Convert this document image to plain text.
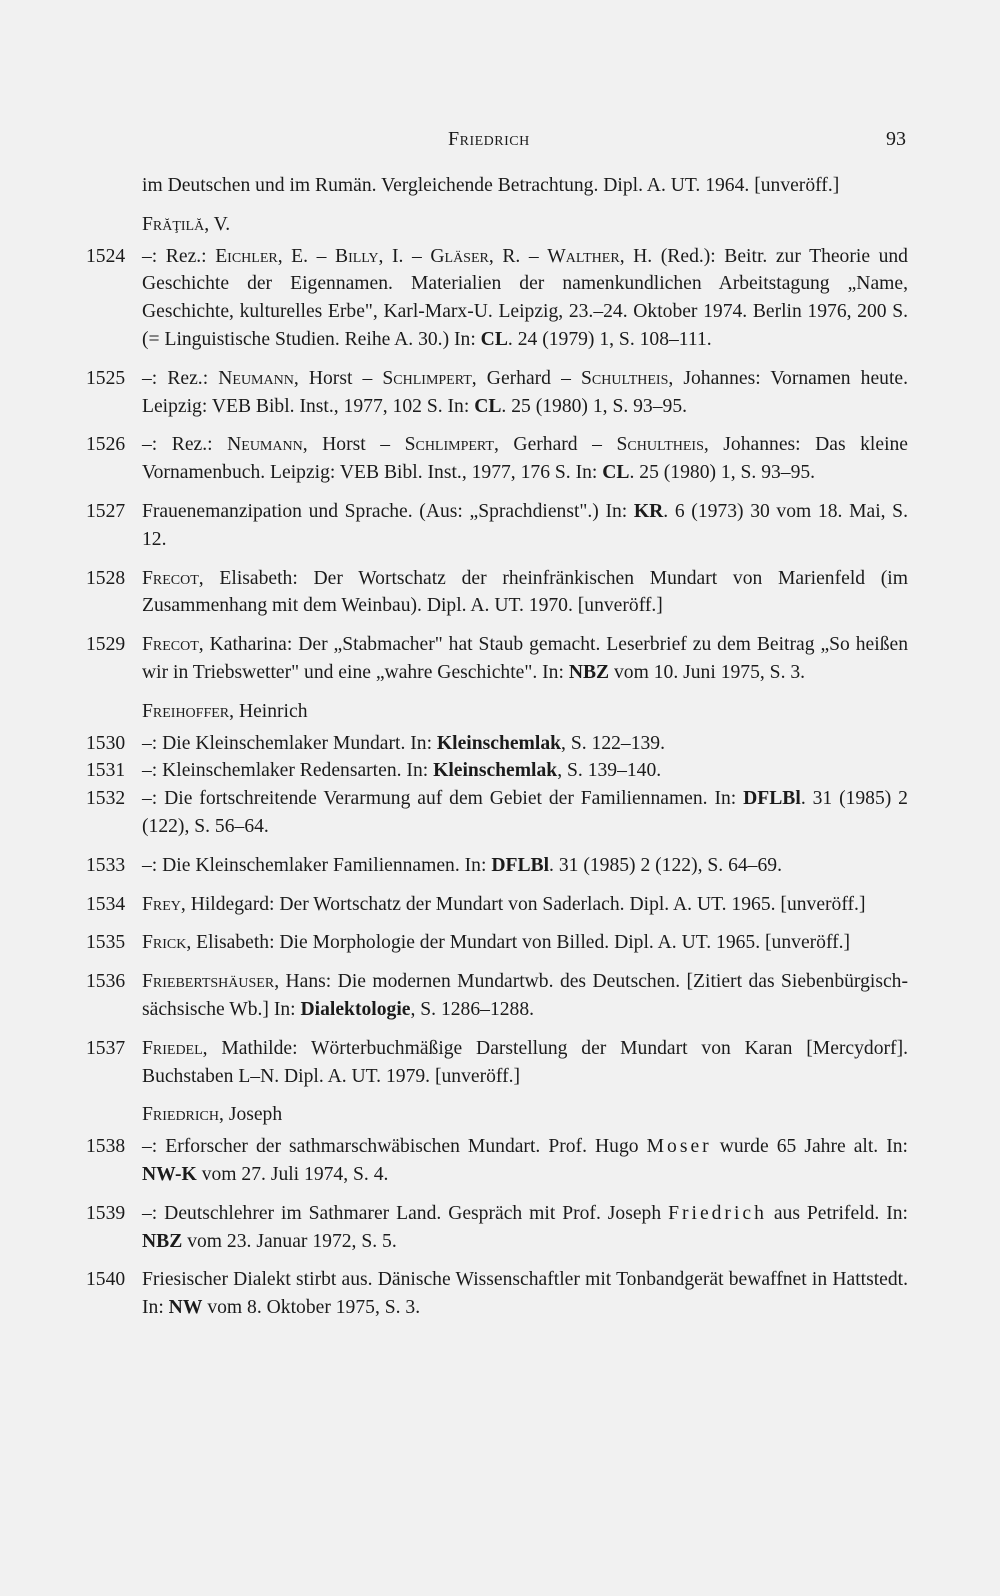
Friedrich	93
im Deutschen und im Rumän. Vergleichende Betrachtung. Dipl. A. UT. 1964. [unveröff.]
Frăţilă, V.
1524 –: Rez.: Eichler, E. – Billy, I. – Gläser, R. – Walther, H. (Red.): Beitr. zur Theorie und Geschichte der Eigennamen. Materialien der namenkundlichen Arbeitstagung „Name, Geschichte, kulturelles Erbe", Karl-Marx-U. Leipzig, 23.–24. Oktober 1974. Berlin 1976, 200 S. (= Linguistische Studien. Reihe A. 30.) In: CL. 24 (1979) 1, S. 108–111.
1525 –: Rez.: Neumann, Horst – Schlimpert, Gerhard – Schultheis, Johannes: Vornamen heute. Leipzig: VEB Bibl. Inst., 1977, 102 S. In: CL. 25 (1980) 1, S. 93–95.
1526 –: Rez.: Neumann, Horst – Schlimpert, Gerhard – Schultheis, Johannes: Das kleine Vornamenbuch. Leipzig: VEB Bibl. Inst., 1977, 176 S. In: CL. 25 (1980) 1, S. 93–95.
1527 Frauenemanzipation und Sprache. (Aus: „Sprachdienst".) In: KR. 6 (1973) 30 vom 18. Mai, S. 12.
1528 Frecot, Elisabeth: Der Wortschatz der rheinfränkischen Mundart von Marienfeld (im Zusammenhang mit dem Weinbau). Dipl. A. UT. 1970. [unveröff.]
1529 Frecot, Katharina: Der „Stabmacher" hat Staub gemacht. Leserbrief zu dem Beitrag „So heißen wir in Triebswetter" und eine „wahre Geschichte". In: NBZ vom 10. Juni 1975, S. 3.
Freihoffer, Heinrich
1530 –: Die Kleinschemlaker Mundart. In: Kleinschemlak, S. 122–139.
1531 –: Kleinschemlaker Redensarten. In: Kleinschemlak, S. 139–140.
1532 –: Die fortschreitende Verarmung auf dem Gebiet der Familiennamen. In: DFLBl. 31 (1985) 2 (122), S. 56–64.
1533 –: Die Kleinschemlaker Familiennamen. In: DFLBl. 31 (1985) 2 (122), S. 64–69.
1534 Frey, Hildegard: Der Wortschatz der Mundart von Saderlach. Dipl. A. UT. 1965. [unveröff.]
1535 Frick, Elisabeth: Die Morphologie der Mundart von Billed. Dipl. A. UT. 1965. [unveröff.]
1536 Friebertshäuser, Hans: Die modernen Mundartwb. des Deutschen. [Zitiert das Siebenbürgisch-sächsische Wb.] In: Dialektologie, S. 1286–1288.
1537 Friedel, Mathilde: Wörterbuchmäßige Darstellung der Mundart von Karan [Mercydorf]. Buchstaben L–N. Dipl. A. UT. 1979. [unveröff.]
Friedrich, Joseph
1538 –: Erforscher der sathmarschwäbischen Mundart. Prof. Hugo Moser wurde 65 Jahre alt. In: NW-K vom 27. Juli 1974, S. 4.
1539 –: Deutschlehrer im Sathmarer Land. Gespräch mit Prof. Joseph Friedrich aus Petrifeld. In: NBZ vom 23. Januar 1972, S. 5.
1540 Friesischer Dialekt stirbt aus. Dänische Wissenschaftler mit Tonbandgerät bewaffnet in Hattstedt. In: NW vom 8. Oktober 1975, S. 3.
